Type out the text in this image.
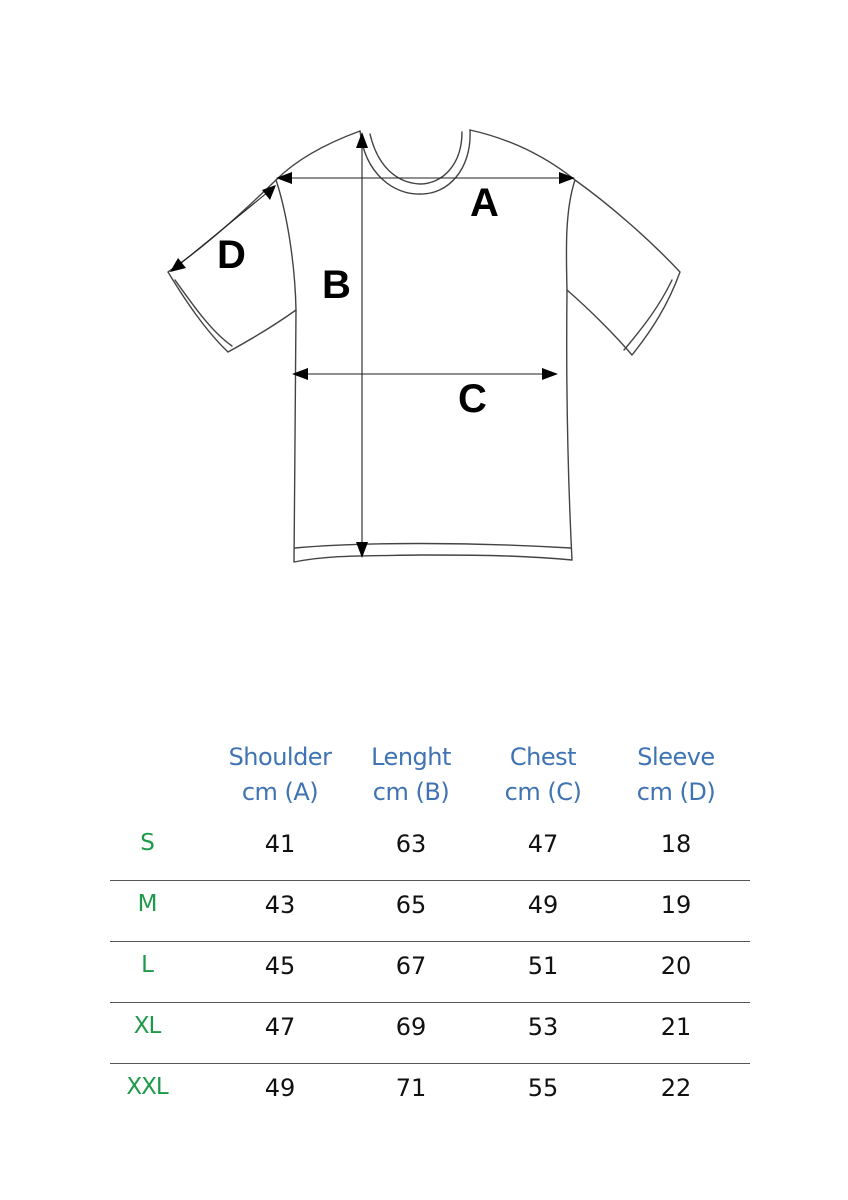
A
B
C
D
Shoulder
cm (A)
Lenght
cm (B)
Chest
cm (C)
Sleeve
cm (D)
S	41	63	47	18
M	43	65	49	19
L	45	67	51	20
XL	47	69	53	21
XXL	49	71	55	22
